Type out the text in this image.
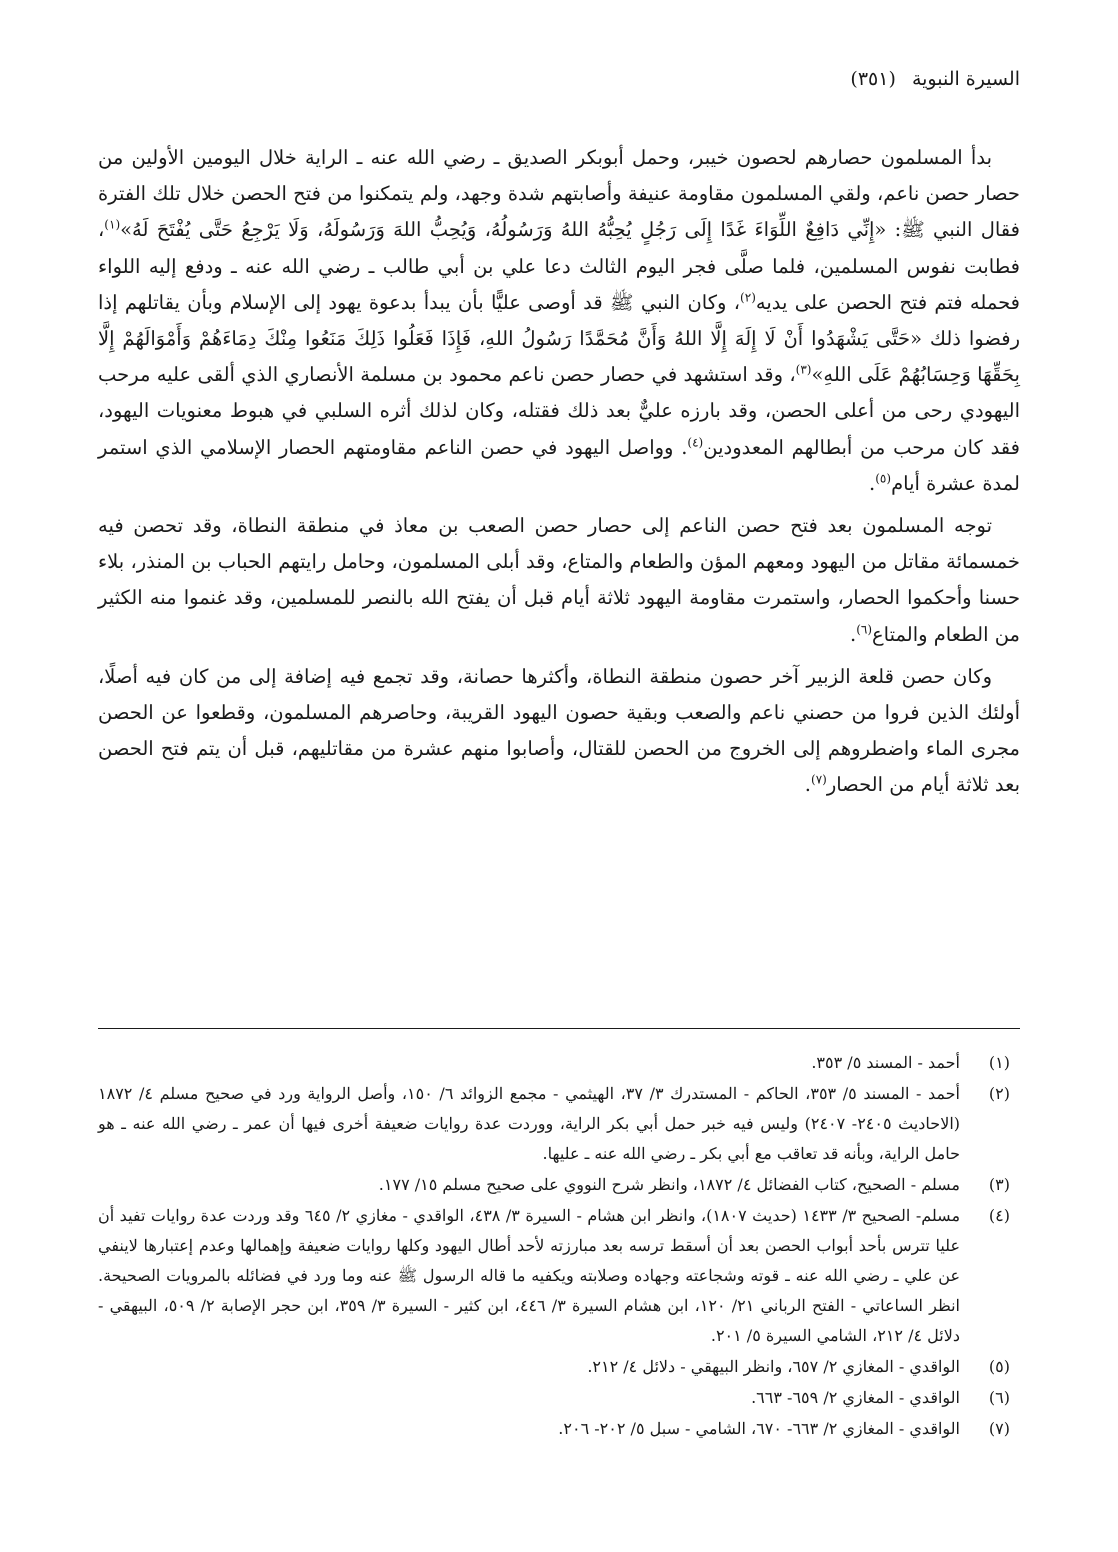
السيرة النبوية (٣٥١)

بدأ المسلمون حصارهم لحصون خيبر، وحمل أبوبكر الصديق ـ رضي الله عنه ـ الراية خلال اليومين الأولين من حصار حصن ناعم، ولقي المسلمون مقاومة عنيفة وأصابتهم شدة وجهد، ولم يتمكنوا من فتح الحصن خلال تلك الفترة فقال النبي ﷺ: «إِنِّي دَافِعٌ اللِّوَاءَ غَدًا إِلَى رَجُلٍ يُحِبُّهُ اللهُ وَرَسُولُهُ، وَيُحِبُّ اللهَ وَرَسُولَهُ، وَلَا يَرْجِعُ حَتَّى يُفْتَحَ لَهُ»$^{(١)}$، فطابت نفوس المسلمين، فلما صلَّى فجر اليوم الثالث دعا علي بن أبي طالب ـ رضي الله عنه ـ ودفع إليه اللواء فحمله فتم فتح الحصن على يديه$^{(٢)}$، وكان النبي ﷺ قد أوصى عليًّا بأن يبدأ بدعوة يهود إلى الإسلام وبأن يقاتلهم إذا رفضوا ذلك «حَتَّى يَشْهَدُوا أَنْ لَا إِلَهَ إِلَّا اللهُ وَأَنَّ مُحَمَّدًا رَسُولُ اللهِ، فَإِذَا فَعَلُوا ذَلِكَ مَنَعُوا مِنْكَ دِمَاءَهُمْ وَأَمْوَالَهُمْ إِلَّا بِحَقِّهَا وَحِسَابُهُمْ عَلَى اللهِ»$^{(٣)}$، وقد استشهد في حصار حصن ناعم محمود بن مسلمة الأنصاري الذي ألقى عليه مرحب اليهودي رحى من أعلى الحصن، وقد بارزه عليٌّ بعد ذلك فقتله، وكان لذلك أثره السلبي في هبوط معنويات اليهود، فقد كان مرحب من أبطالهم المعدودين$^{(٤)}$. وواصل اليهود في حصن الناعم مقاومتهم الحصار الإسلامي الذي استمر لمدة عشرة أيام$^{(٥)}$.

توجه المسلمون بعد فتح حصن الناعم إلى حصار حصن الصعب بن معاذ في منطقة النطاة، وقد تحصن فيه خمسمائة مقاتل من اليهود ومعهم المؤن والطعام والمتاع، وقد أبلى المسلمون، وحامل رايتهم الحباب بن المنذر، بلاء حسنا وأحكموا الحصار، واستمرت مقاومة اليهود ثلاثة أيام قبل أن يفتح الله بالنصر للمسلمين، وقد غنموا منه الكثير من الطعام والمتاع$^{(٦)}$.

وكان حصن قلعة الزبير آخر حصون منطقة النطاة، وأكثرها حصانة، وقد تجمع فيه إضافة إلى من كان فيه أصلًا، أولئك الذين فروا من حصني ناعم والصعب وبقية حصون اليهود القريبة، وحاصرهم المسلمون، وقطعوا عن الحصن مجرى الماء واضطروهم إلى الخروج من الحصن للقتال، وأصابوا منهم عشرة من مقاتليهم، قبل أن يتم فتح الحصن بعد ثلاثة أيام من الحصار$^{(٧)}$.

(١)
أحمد - المسند ٥/ ٣٥٣.
(٢)
أحمد - المسند ٥/ ٣٥٣، الحاكم - المستدرك ٣/ ٣٧، الهيثمي - مجمع الزوائد ٦/ ١٥٠، وأصل الرواية ورد في صحيح مسلم ٤/ ١٨٧٢ (الاحاديث ٢٤٠٥- ٢٤٠٧) وليس فيه خبر حمل أبي بكر الراية، ووردت عدة روايات ضعيفة أخرى فيها أن عمر ـ رضي الله عنه ـ هو حامل الراية، وبأنه قد تعاقب مع أبي بكر ـ رضي الله عنه ـ عليها.
(٣)
مسلم - الصحيح، كتاب الفضائل ٤/ ١٨٧٢، وانظر شرح النووي على صحيح مسلم ١٥/ ١٧٧.
(٤)
مسلم- الصحيح ٣/ ١٤٣٣ (حديث ١٨٠٧)، وانظر ابن هشام - السيرة ٣/ ٤٣٨، الواقدي - مغازي ٢/ ٦٤٥ وقد وردت عدة روايات تفيد أن عليا تترس بأحد أبواب الحصن بعد أن أسقط ترسه بعد مبارزته لأحد أطال اليهود وكلها روايات ضعيفة وإهمالها وعدم إعتبارها لاينفي عن علي ـ رضي الله عنه ـ قوته وشجاعته وجهاده وصلابته ويكفيه ما قاله الرسول ﷺ عنه وما ورد في فضائله بالمرويات الصحيحة. انظر الساعاتي - الفتح الرباني ٢١/ ١٢٠، ابن هشام السيرة ٣/ ٤٤٦، ابن كثير - السيرة ٣/ ٣٥٩، ابن حجر الإصابة ٢/ ٥٠٩، البيهقي - دلائل ٤/ ٢١٢، الشامي السيرة ٥/ ٢٠١.
(٥)
الواقدي - المغازي ٢/ ٦٥٧، وانظر البيهقي - دلائل ٤/ ٢١٢.
(٦)
الواقدي - المغازي ٢/ ٦٥٩- ٦٦٣.
(٧)
الواقدي - المغازي ٢/ ٦٦٣- ٦٧٠، الشامي - سبل ٥/ ٢٠٢- ٢٠٦.
